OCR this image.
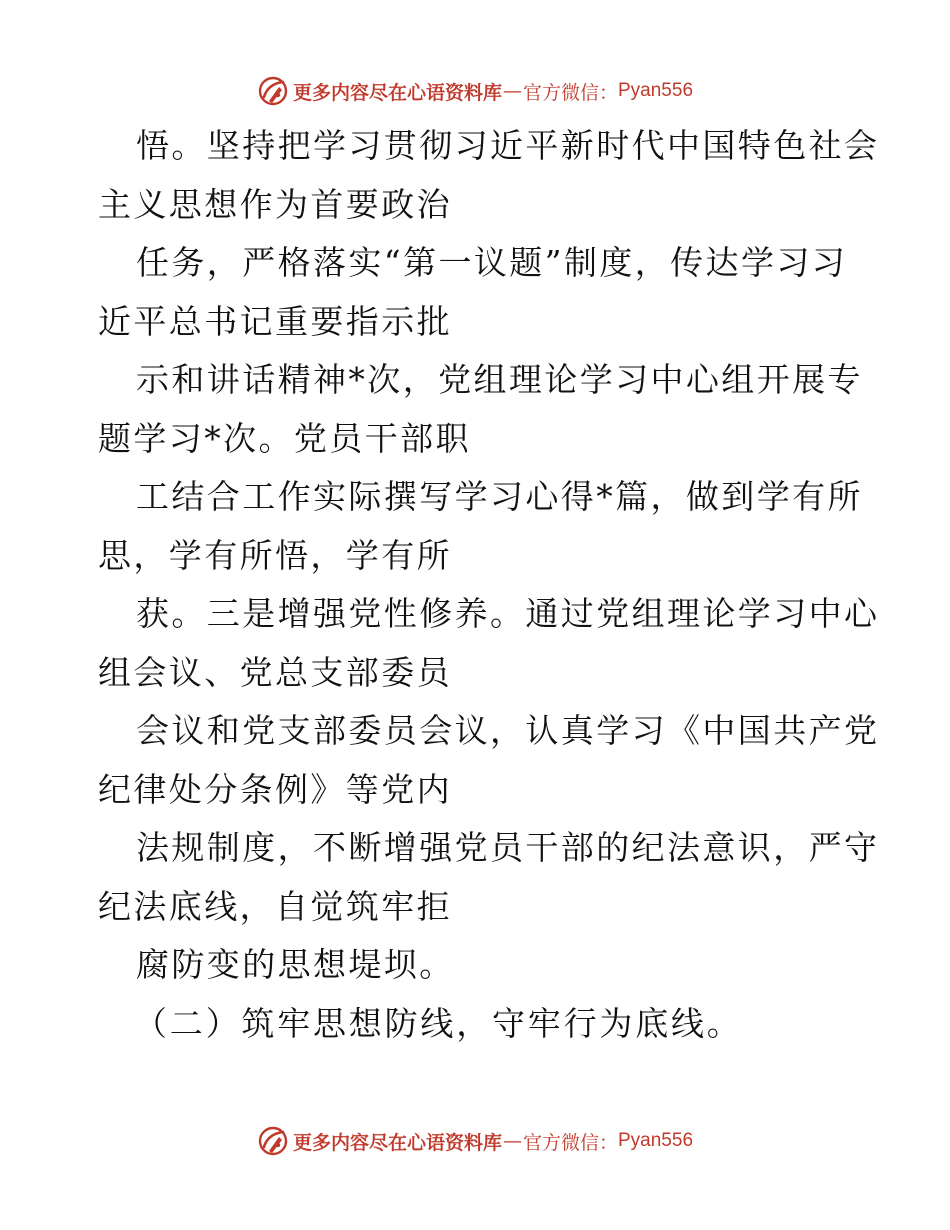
更多内容尽在心语资料库 — 官方微信： Pyan556
悟。坚持把学习贯彻习近平新时代中国特色社会
主义思想作为首要政治
任务，严格落实“第一议题”制度，传达学习习
近平总书记重要指示批
示和讲话精神*次，党组理论学习中心组开展专
题学习*次。党员干部职
工结合工作实际撰写学习心得*篇，做到学有所
思，学有所悟，学有所
获。三是增强党性修养。通过党组理论学习中心
组会议、党总支部委员
会议和党支部委员会议，认真学习《中国共产党
纪律处分条例》等党内
法规制度，不断增强党员干部的纪法意识，严守
纪法底线，自觉筑牢拒
腐防变的思想堤坝。
（二）筑牢思想防线，守牢行为底线。
更多内容尽在心语资料库 — 官方微信： Pyan556
